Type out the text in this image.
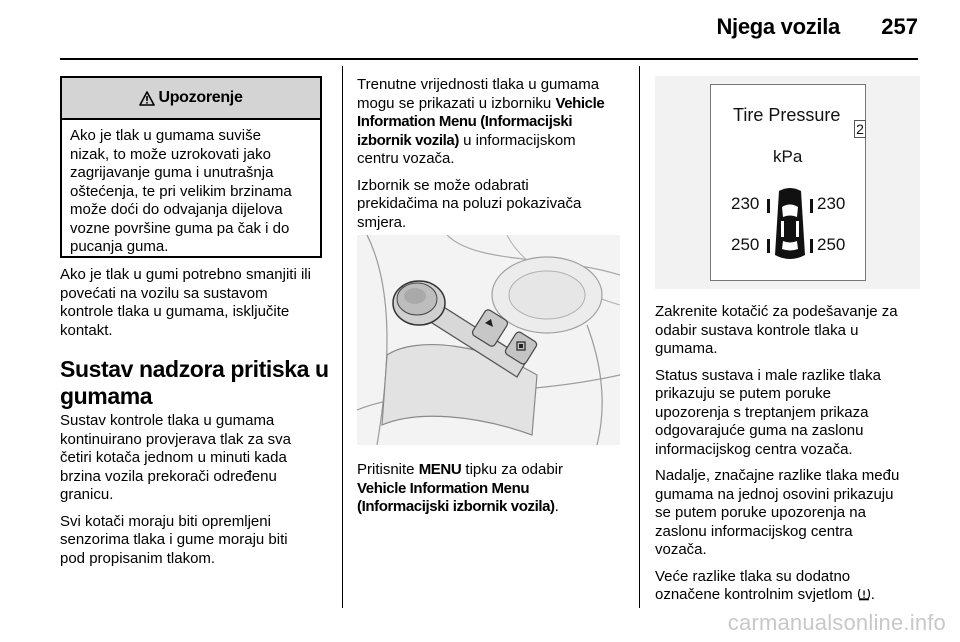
Njega vozila 257
Upozorenje
Ako je tlak u gumama suviše
nizak, to može uzrokovati jako
zagrijavanje guma i unutrašnja
oštećenja, te pri velikim brzinama
može doći do odvajanja dijelova
vozne površine guma pa čak i do
pucanja guma.

Ako je tlak u gumi potrebno smanjiti ili
povećati na vozilu sa sustavom
kontrole tlaka u gumama, isključite
kontakt.

Sustav nadzora pritiska u
gumama

Sustav kontrole tlaka u gumama
kontinuirano provjerava tlak za sva
četiri kotača jednom u minuti kada
brzina vozila prekorači određenu
granicu.

Svi kotači moraju biti opremljeni
senzorima tlaka i gume moraju biti
pod propisanim tlakom.

Trenutne vrijednosti tlaka u gumama
mogu se prikazati u izborniku Vehicle
Information Menu (Informacijski
izbornik vozila) u informacijskom
centru vozača.

Izbornik se može odabrati
prekidačima na poluzi pokazivača
smjera.

Pritisnite MENU tipku za odabir
Vehicle Information Menu
(Informacijski izbornik vozila).

Tire Pressure
kPa
230	230
250	250
2

Zakrenite kotačić za podešavanje za
odabir sustava kontrole tlaka u
gumama.

Status sustava i male razlike tlaka
prikazuju se putem poruke
upozorenja s treptanjem prikaza
odgovarajuće guma na zaslonu
informacijskog centra vozača.

Nadalje, značajne razlike tlaka među
gumama na jednoj osovini prikazuju
se putem poruke upozorenja na
zaslonu informacijskog centra
vozača.

Veće razlike tlaka su dodatno
označene kontrolnim svjetlom .

carmanualsonline.info
